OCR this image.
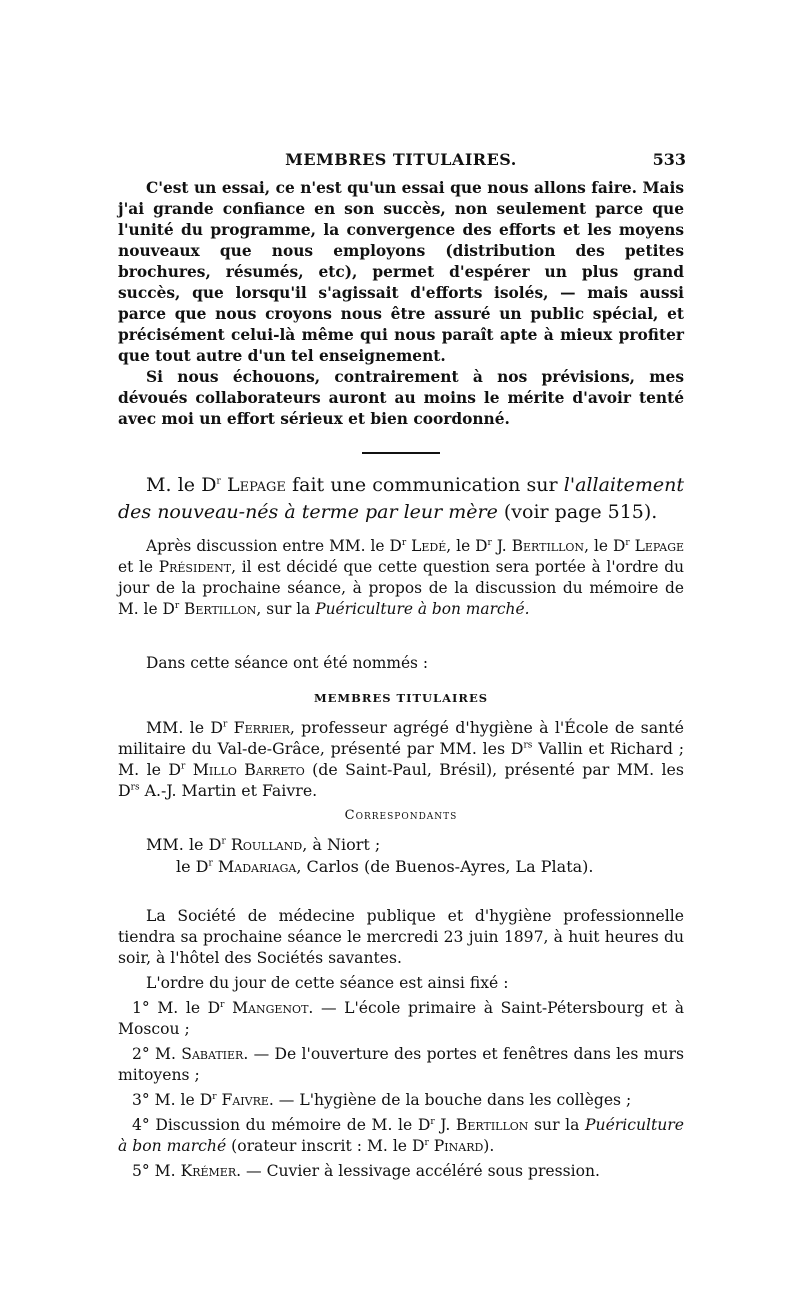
MEMBRES TITULAIRES.	533

C'est un essai, ce n'est qu'un essai que nous allons faire. Mais j'ai grande confiance en son succès, non seulement parce que l'unité du programme, la convergence des efforts et les moyens nouveaux que nous employons (distribution des petites brochures, résumés, etc), permet d'espérer un plus grand succès, que lorsqu'il s'agissait d'efforts isolés, — mais aussi parce que nous croyons nous être assuré un public spécial, et précisément celui-là même qui nous paraît apte à mieux profiter que tout autre d'un tel enseignement.

Si nous échouons, contrairement à nos prévisions, mes dévoués collaborateurs auront au moins le mérite d'avoir tenté avec moi un effort sérieux et bien coordonné.

M. le $D^r$ Lepage fait une communication sur l'allaitement des nouveau-nés à terme par leur mère (voir page 515).

Après discussion entre MM. le $D^r$ Ledé, le $D^r$ J. Bertillon, le $D^r$ Lepage et le Président, il est décidé que cette question sera portée à l'ordre du jour de la prochaine séance, à propos de la discussion du mémoire de M. le $D^r$ Bertillon, sur la Puériculture à bon marché.

Dans cette séance ont été nommés :

MEMBRES TITULAIRES

MM. le $D^r$ Ferrier, professeur agrégé d'hygiène à l'École de santé militaire du Val-de-Grâce, présenté par MM. les $D^{rs}$ Vallin et Richard ; M. le $D^r$ Millo Barreto (de Saint-Paul, Brésil), présenté par MM. les $D^{rs}$ A.-J. Martin et Faivre.

Correspondants
MM. le $D^r$ Roulland, à Niort ;
le $D^r$ Madariaga, Carlos (de Buenos-Ayres, La Plata).

La Société de médecine publique et d'hygiène professionnelle tiendra sa prochaine séance le mercredi 23 juin 1897, à huit heures du soir, à l'hôtel des Sociétés savantes.

L'ordre du jour de cette séance est ainsi fixé :

1° M. le $D^r$ Mangenot. — L'école primaire à Saint-Pétersbourg et à Moscou ;

2° M. Sabatier. — De l'ouverture des portes et fenêtres dans les murs mitoyens ;

3° M. le $D^r$ Faivre. — L'hygiène de la bouche dans les collèges ;

4° Discussion du mémoire de M. le $D^r$ J. Bertillon sur la Puériculture à bon marché (orateur inscrit : M. le $D^r$ Pinard).

5° M. Krémer. — Cuvier à lessivage accéléré sous pression.
